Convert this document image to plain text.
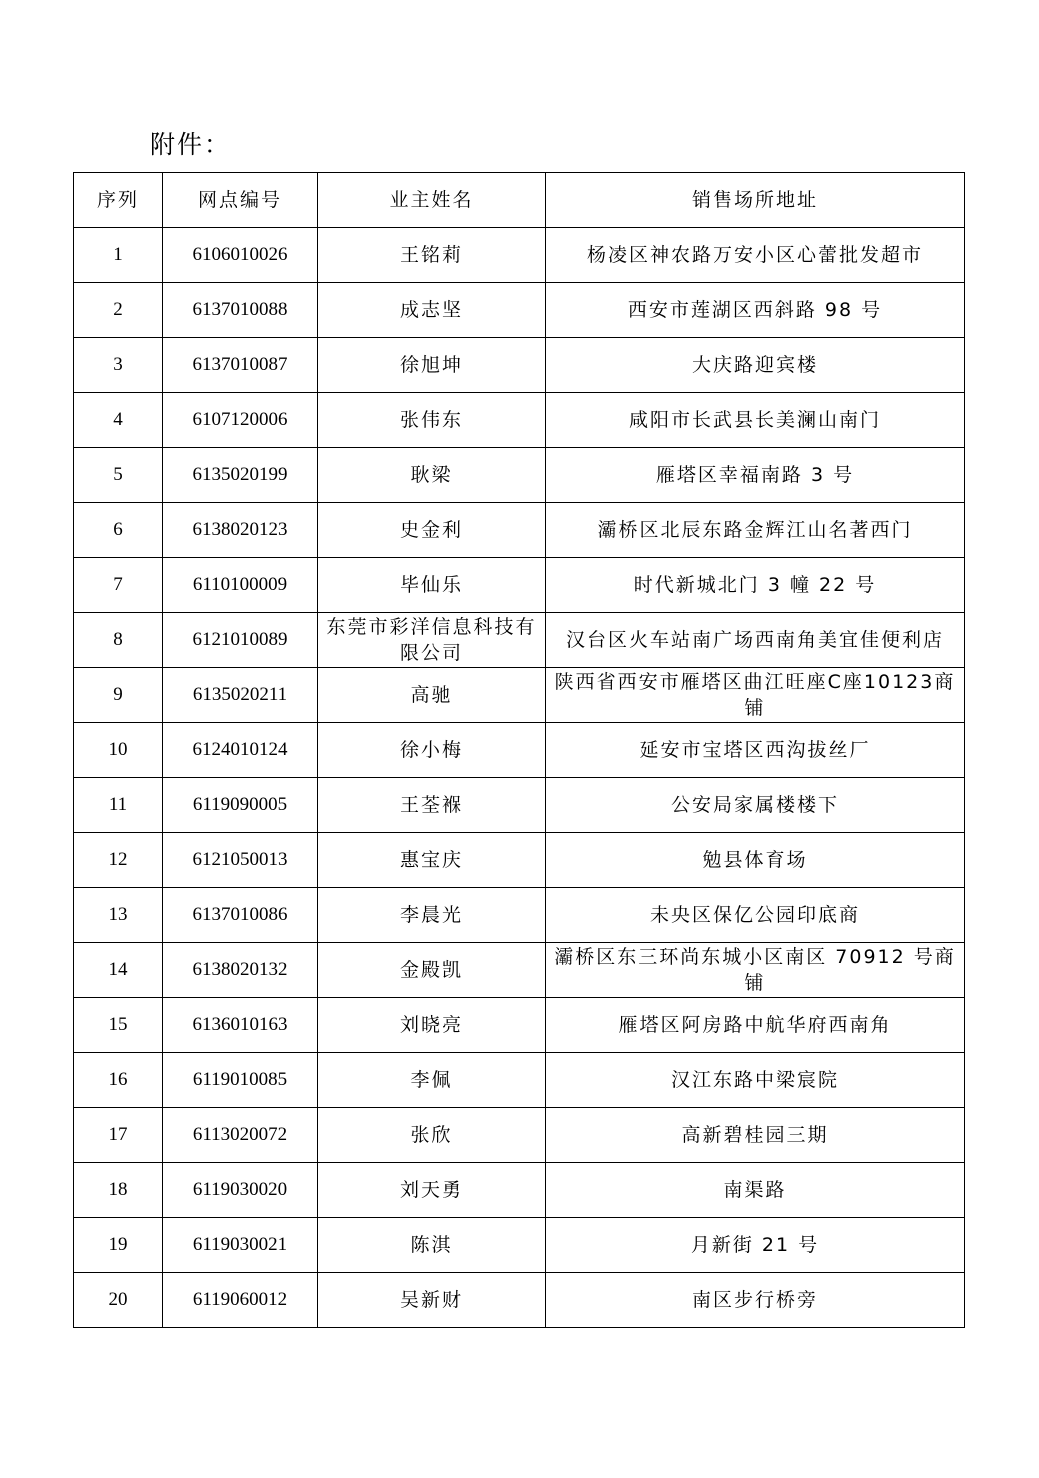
附件：
序列	网点编号	业主姓名	销售场所地址
1	6106010026	王铭莉	杨凌区神农路万安小区心蕾批发超市
2	6137010088	成志坚	西安市莲湖区西斜路 98 号
3	6137010087	徐旭坤	大庆路迎宾楼
4	6107120006	张伟东	咸阳市长武县长美澜山南门
5	6135020199	耿梁	雁塔区幸福南路 3 号
6	6138020123	史金利	灞桥区北辰东路金辉江山名著西门
7	6110100009	毕仙乐	时代新城北门 3 幢 22 号
8	6121010089	东莞市彩洋信息科技有限公司	汉台区火车站南广场西南角美宜佳便利店
9	6135020211	高驰	陕西省西安市雁塔区曲江旺座C座10123商铺
10	6124010124	徐小梅	延安市宝塔区西沟拔丝厂
11	6119090005	王荃褓	公安局家属楼楼下
12	6121050013	惠宝庆	勉县体育场
13	6137010086	李晨光	未央区保亿公园印底商
14	6138020132	金殿凯	灞桥区东三环尚东城小区南区 70912 号商铺
15	6136010163	刘晓亮	雁塔区阿房路中航华府西南角
16	6119010085	李佩	汉江东路中梁宸院
17	6113020072	张欣	高新碧桂园三期
18	6119030020	刘天勇	南渠路
19	6119030021	陈淇	月新街 21 号
20	6119060012	吴新财	南区步行桥旁
